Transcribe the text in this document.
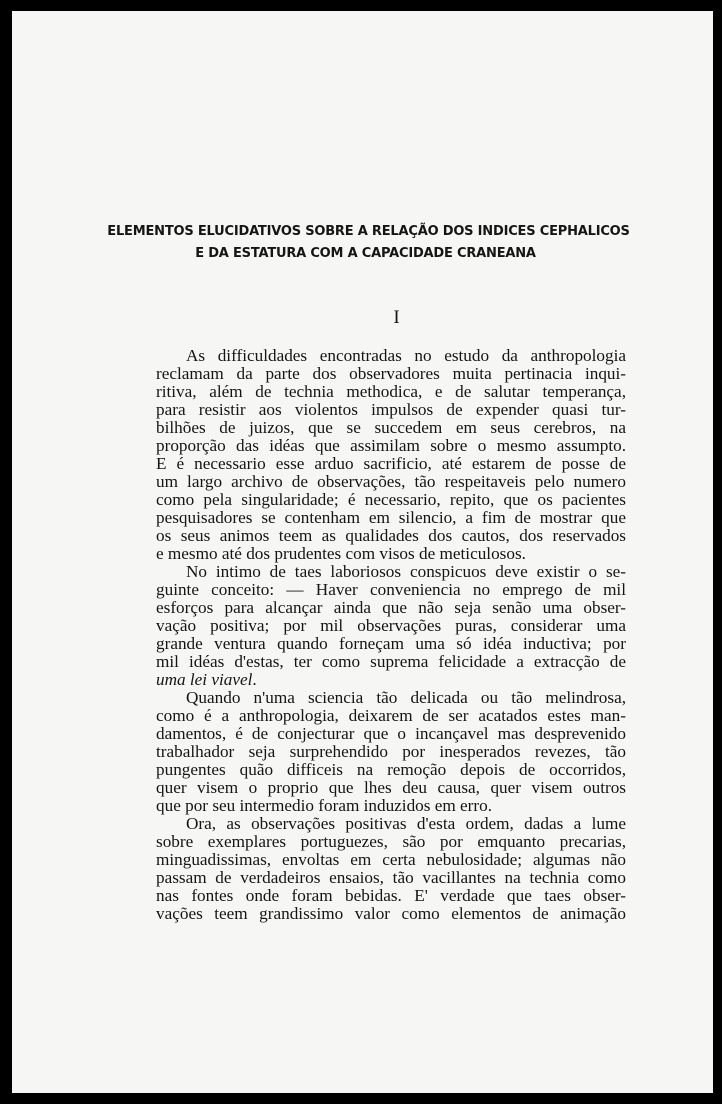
ELEMENTOS ELUCIDATIVOS SOBRE A RELAÇÃO DOS INDICES CEPHALICOS
E DA ESTATURA COM A CAPACIDADE CRANEANA
I

As difficuldades encontradas no estudo da anthropologia
reclamam da parte dos observadores muita pertinacia inqui-
ritiva, além de technia methodica, e de salutar temperança,
para resistir aos violentos impulsos de expender quasi tur-
bilhões de juizos, que se succedem em seus cerebros, na
proporção das idéas que assimilam sobre o mesmo assumpto.
E é necessario esse arduo sacrificio, até estarem de posse de
um largo archivo de observações, tão respeitaveis pelo numero
como pela singularidade; é necessario, repito, que os pacientes
pesquisadores se contenham em silencio, a fim de mostrar que
os seus animos teem as qualidades dos cautos, dos reservados
e mesmo até dos prudentes com visos de meticulosos.

No intimo de taes laboriosos conspicuos deve existir o se-
guinte conceito: — Haver conveniencia no emprego de mil
esforços para alcançar ainda que não seja senão uma obser-
vação positiva; por mil observações puras, considerar uma
grande ventura quando forneçam uma só idéa inductiva; por
mil idéas d'estas, ter como suprema felicidade a extracção de
uma lei viavel.

Quando n'uma sciencia tão delicada ou tão melindrosa,
como é a anthropologia, deixarem de ser acatados estes man-
damentos, é de conjecturar que o incançavel mas desprevenido
trabalhador seja surprehendido por inesperados revezes, tão
pungentes quão difficeis na remoção depois de occorridos,
quer visem o proprio que lhes deu causa, quer visem outros
que por seu intermedio foram induzidos em erro.

Ora, as observações positivas d'esta ordem, dadas a lume
sobre exemplares portuguezes, são por emquanto precarias,
minguadissimas, envoltas em certa nebulosidade; algumas não
passam de verdadeiros ensaios, tão vacillantes na technia como
nas fontes onde foram bebidas. E' verdade que taes obser-
vações teem grandissimo valor como elementos de animação
